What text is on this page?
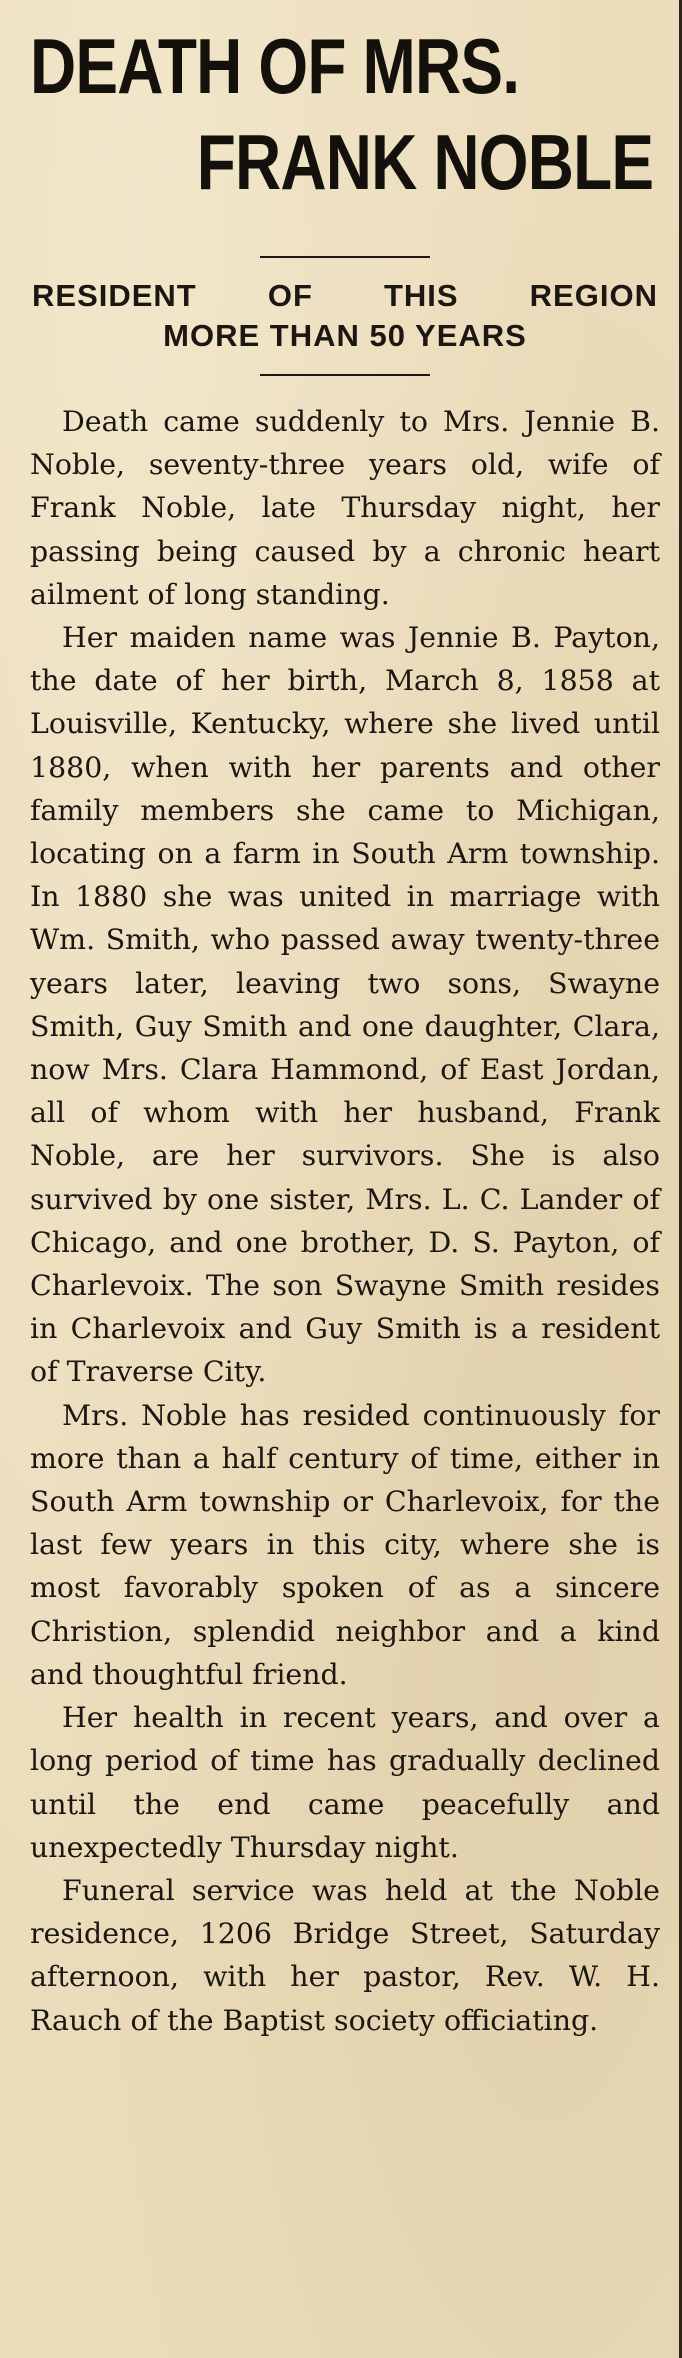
DEATH OF MRS.
FRANK NOBLE
RESIDENT OF THIS REGION
MORE THAN 50 YEARS

Death came suddenly to Mrs. Jennie B. Noble, seventy-three years old, wife of Frank Noble, late Thursday night, her passing being caused by a chronic heart ailment of long standing.

Her maiden name was Jennie B. Payton, the date of her birth, March 8, 1858 at Louisville, Kentucky, where she lived until 1880, when with her parents and other family members she came to Michigan, locating on a farm in South Arm township. In 1880 she was united in marriage with Wm. Smith, who passed away twenty-three years later, leaving two sons, Swayne Smith, Guy Smith and one daughter, Clara, now Mrs. Clara Hammond, of East Jordan, all of whom with her husband, Frank Noble, are her survivors. She is also survived by one sister, Mrs. L. C. Lander of Chicago, and one brother, D. S. Payton, of Charlevoix. The son Swayne Smith resides in Charlevoix and Guy Smith is a resident of Traverse City.

Mrs. Noble has resided continuously for more than a half century of time, either in South Arm township or Charlevoix, for the last few years in this city, where she is most favorably spoken of as a sincere Christion, splendid neighbor and a kind and thoughtful friend.

Her health in recent years, and over a long period of time has gradually declined until the end came peacefully and unexpectedly Thursday night.

Funeral service was held at the Noble residence, 1206 Bridge Street, Saturday afternoon, with her pastor, Rev. W. H. Rauch of the Baptist society officiating.
